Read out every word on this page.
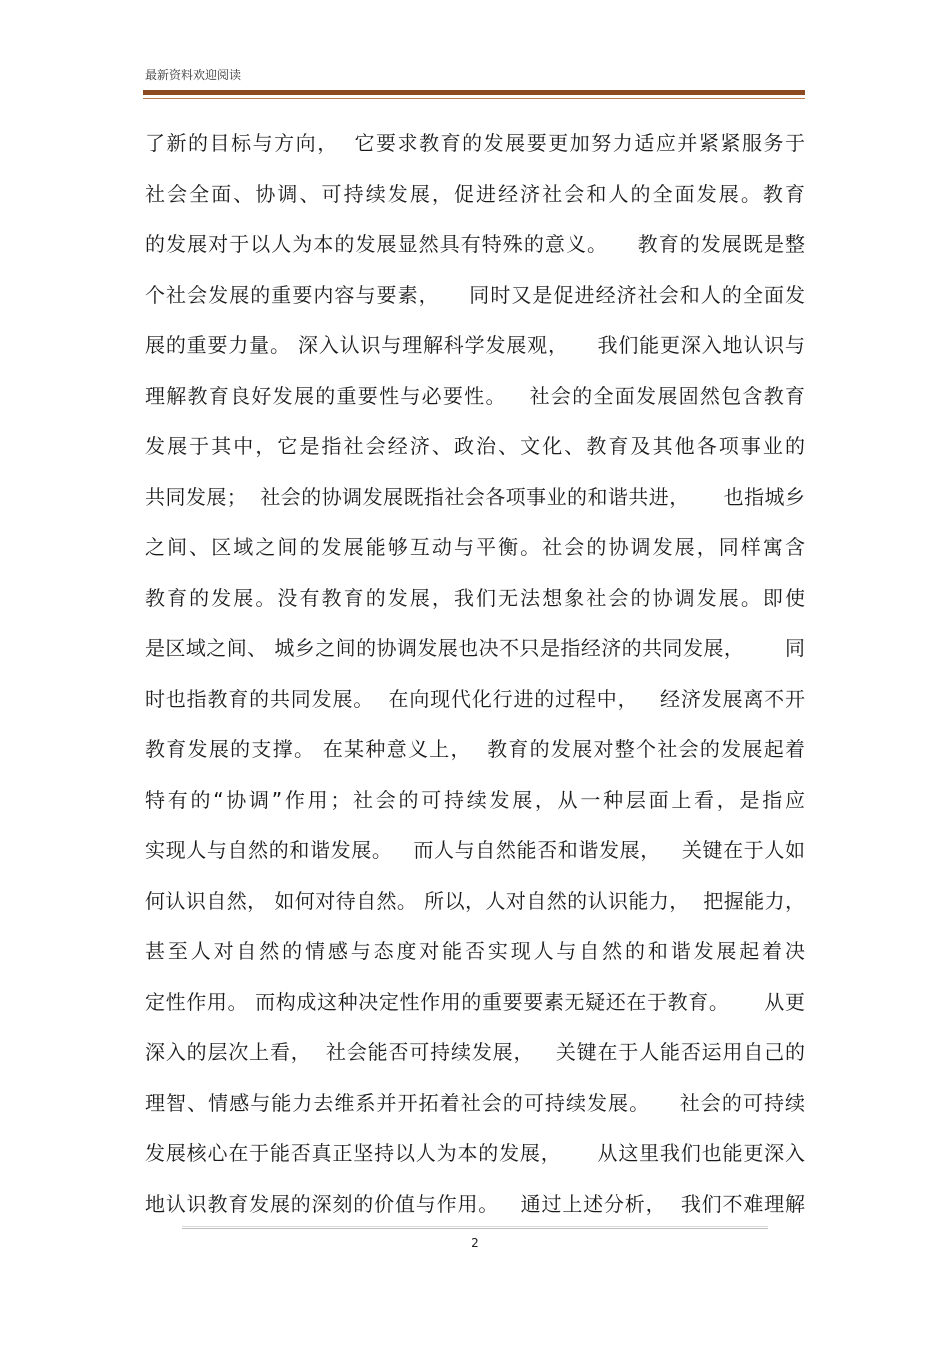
最新资料欢迎阅读
了新的目标与方向，  它要求教育的发展要更加努力适应并紧紧服务于
社会全面、协调、可持续发展，促进经济社会和人的全面发展。教育
的发展对于以人为本的发展显然具有特殊的意义。    教育的发展既是整
个社会发展的重要内容与要素，    同时又是促进经济社会和人的全面发
展的重要力量。 深入认识与理解科学发展观，    我们能更深入地认识与
理解教育良好发展的重要性与必要性。   社会的全面发展固然包含教育
发展于其中，它是指社会经济、政治、文化、教育及其他各项事业的
共同发展；  社会的协调发展既指社会各项事业的和谐共进，     也指城乡
之间、区域之间的发展能够互动与平衡。社会的协调发展，同样寓含
教育的发展。没有教育的发展，我们无法想象社会的协调发展。即使
是区域之间、 城乡之间的协调发展也决不只是指经济的共同发展，      同
时也指教育的共同发展。  在向现代化行进的过程中，   经济发展离不开
教育发展的支撑。 在某种意义上，  教育的发展对整个社会的发展起着
特有的“协调”作用；社会的可持续发展，从一种层面上看，是指应
实现人与自然的和谐发展。   而人与自然能否和谐发展，   关键在于人如
何认识自然， 如何对待自然。 所以，人对自然的认识能力，  把握能力，
甚至人对自然的情感与态度对能否实现人与自然的和谐发展起着决
定性作用。 而构成这种决定性作用的重要要素无疑还在于教育。     从更
深入的层次上看，  社会能否可持续发展，   关键在于人能否运用自己的
理智、情感与能力去维系并开拓着社会的可持续发展。    社会的可持续
发展核心在于能否真正坚持以人为本的发展，     从这里我们也能更深入
地认识教育发展的深刻的价值与作用。   通过上述分析，  我们不难理解
2
